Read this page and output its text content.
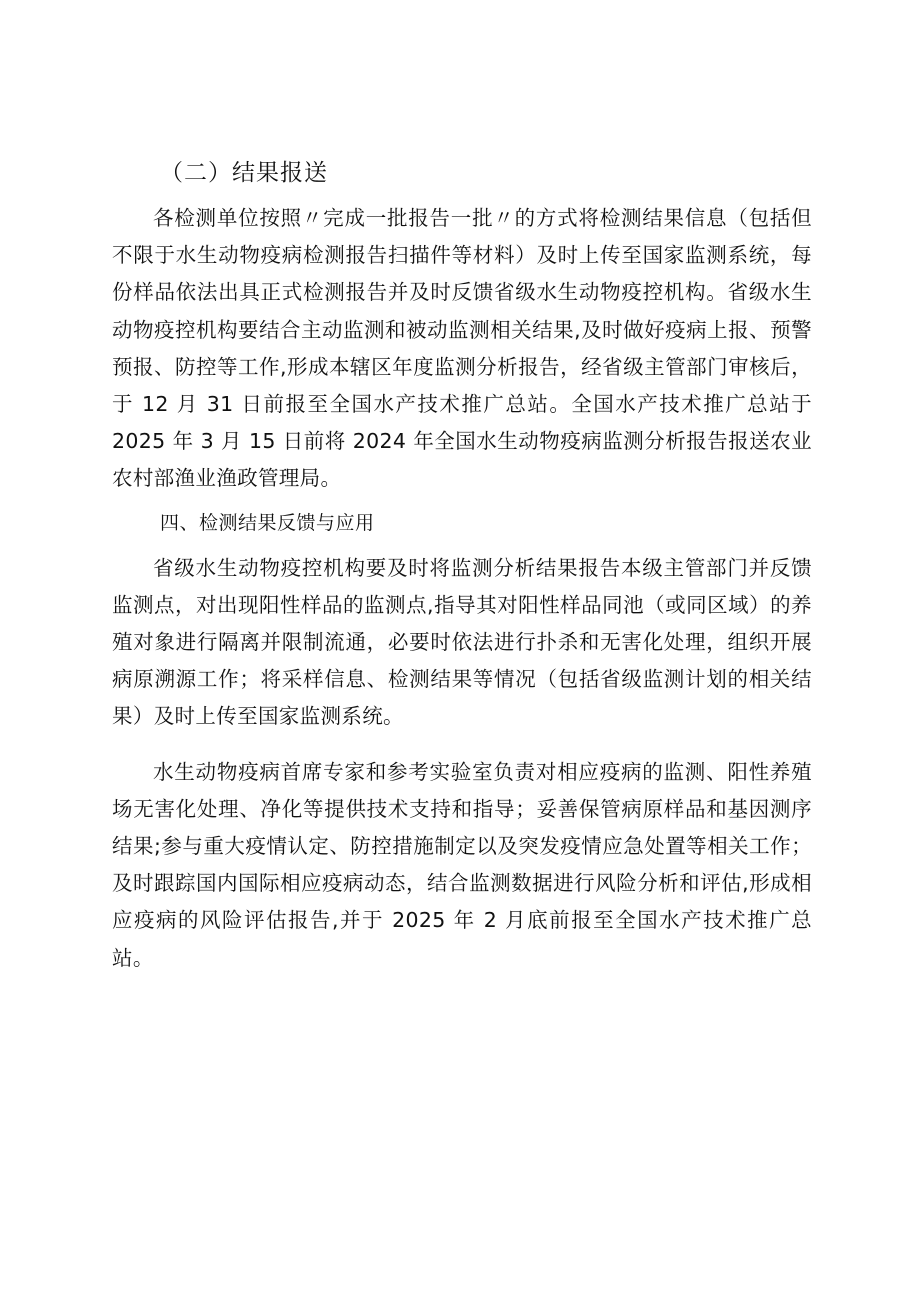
（二）结果报送

各检测单位按照〃完成一批报告一批〃的方式将检测结果信息（包括但不限于水生动物疫病检测报告扫描件等材料）及时上传至国家监测系统，每份样品依法出具正式检测报告并及时反馈省级水生动物疫控机构。省级水生动物疫控机构要结合主动监测和被动监测相关结果,及时做好疫病上报、预警预报、防控等工作,形成本辖区年度监测分析报告，经省级主管部门审核后，于 12 月 31 日前报至全国水产技术推广总站。全国水产技术推广总站于 2025 年 3 月 15 日前将 2024 年全国水生动物疫病监测分析报告报送农业农村部渔业渔政管理局。

四、检测结果反馈与应用

省级水生动物疫控机构要及时将监测分析结果报告本级主管部门并反馈监测点，对出现阳性样品的监测点,指导其对阳性样品同池（或同区域）的养殖对象进行隔离并限制流通，必要时依法进行扑杀和无害化处理，组织开展病原溯源工作；将采样信息、检测结果等情况（包括省级监测计划的相关结果）及时上传至国家监测系统。

水生动物疫病首席专家和参考实验室负责对相应疫病的监测、阳性养殖场无害化处理、净化等提供技术支持和指导；妥善保管病原样品和基因测序结果;参与重大疫情认定、防控措施制定以及突发疫情应急处置等相关工作；及时跟踪国内国际相应疫病动态，结合监测数据进行风险分析和评估,形成相应疫病的风险评估报告,并于 2025 年 2 月底前报至全国水产技术推广总站。
